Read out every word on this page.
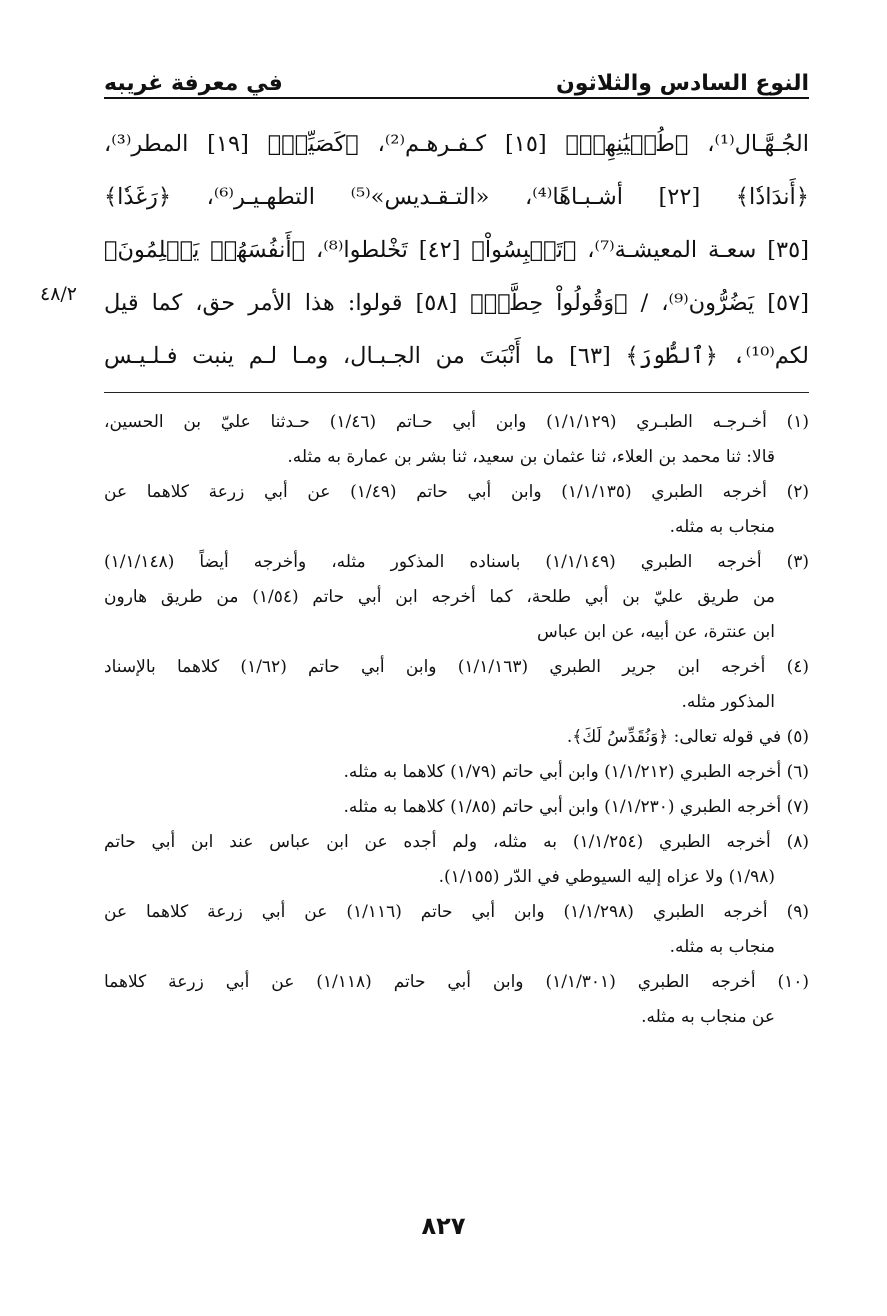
النوع السادس والثلاثون
في معرفة غريبه
الجُـهَّـال⁽¹⁾، ﴿طُغۡيَٰنِهِمۡ﴾ [١٥] كـفـرهـم⁽²⁾، ﴿كَصَيِّبٖ﴾ [١٩] المطر⁽³⁾،
﴿أَندَادٗا﴾ [٢٢] أشـبـاهًا⁽⁴⁾، «التـقـديس»⁽⁵⁾ التطهـيـر⁽⁶⁾، ﴿رَغَدٗا﴾
[٣٥] سعـة المعيشـة⁽⁷⁾، ﴿تَلۡبِسُواْ﴾ [٤٢] تَخْلطوا⁽⁸⁾، ﴿أَنفُسَهُمۡ يَظۡلِمُونَ﴾
[٥٧] يَضُرُّون⁽⁹⁾، / ﴿وَقُولُواْ حِطَّةٞ﴾ [٥٨] قولوا: هذا الأمر حق، كما قيل
لكم⁽¹⁰⁾، ﴿ٱلطُّورَ﴾ [٦٣] ما أَنْبَتَ من الجـبـال، ومـا لـم ينبت فـلـيـس
٤٨/٢
(١) أخـرجـه الطبـري (١/١/١٢٩) وابن أبي حـاتم (١/٤٦) حـدثنا عليّ بن الحسين،
قالا: ثنا محمد بن العلاء، ثنا عثمان بن سعيد، ثنا بشر بن عمارة به مثله.
(٢) أخرجه الطبري (١/١/١٣٥) وابن أبي حاتم (١/٤٩) عن أبي زرعة كلاهما عن
منجاب به مثله.
(٣) أخرجه الطبري (١/١/١٤٩) باسناده المذكور مثله، وأخرجه أيضاً (١/١/١٤٨)
من طريق عليّ بن أبي طلحة، كما أخرجه ابن أبي حاتم (١/٥٤) من طريق هارون
ابن عنترة، عن أبيه، عن ابن عباس
(٤) أخرجه ابن جرير الطبري (١/١/١٦٣) وابن أبي حاتم (١/٦٢) كلاهما بالإسناد
المذكور مثله.
(٥) في قوله تعالى: ﴿وَنُقَدِّسُ لَكَ﴾.
(٦) أخرجه الطبري (١/١/٢١٢) وابن أبي حاتم (١/٧٩) كلاهما به مثله.
(٧) أخرجه الطبري (١/١/٢٣٠) وابن أبي حاتم (١/٨٥) كلاهما به مثله.
(٨) أخرجه الطبري (١/١/٢٥٤) به مثله، ولم أجده عن ابن عباس عند ابن أبي حاتم
(١/٩٨) ولا عزاه إليه السيوطي في الدّر (١/١٥٥).
(٩) أخرجه الطبري (١/١/٢٩٨) وابن أبي حاتم (١/١١٦) عن أبي زرعة كلاهما عن
منجاب به مثله.
(١٠) أخرجه الطبري (١/١/٣٠١) وابن أبي حاتم (١/١١٨) عن أبي زرعة كلاهما
عن منجاب به مثله.
٨٢٧
